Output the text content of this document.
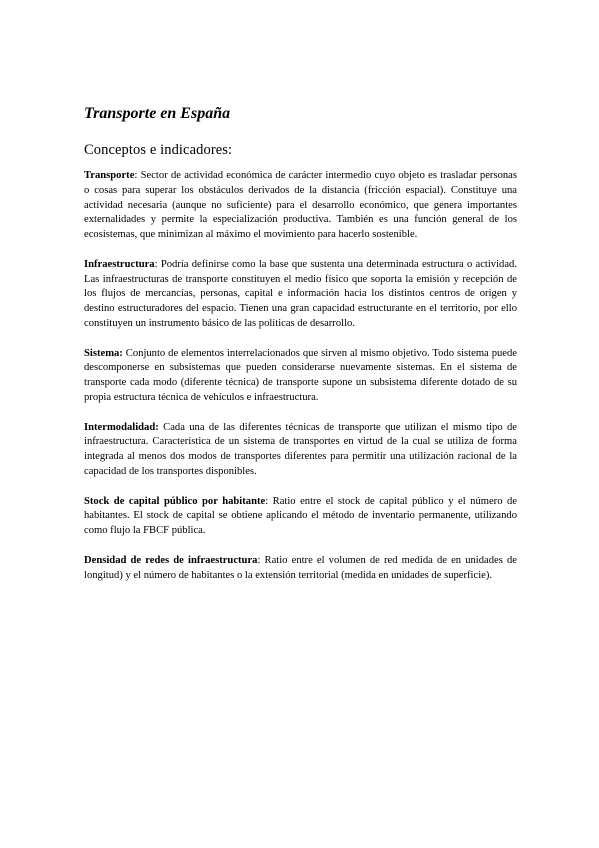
Transporte en España
Conceptos e indicadores:

Transporte: Sector de actividad económica de carácter intermedio cuyo objeto es trasladar personas o cosas para superar los obstáculos derivados de la distancia (fricción espacial). Constituye una actividad necesaria (aunque no suficiente) para el desarrollo económico, que genera importantes externalidades y permite la especialización productiva. También es una función general de los ecosistemas, que minimizan al máximo el movimiento para hacerlo sostenible.

Infraestructura: Podría definirse como la base que sustenta una determinada estructura o actividad. Las infraestructuras de transporte constituyen el medio físico que soporta la emisión y recepción de los flujos de mercancías, personas, capital e información hacia los distintos centros de origen y destino estructuradores del espacio. Tienen una gran capacidad estructurante en el territorio, por ello constituyen un instrumento básico de las políticas de desarrollo.

Sistema: Conjunto de elementos interrelacionados que sirven al mismo objetivo. Todo sistema puede descomponerse en subsistemas que pueden considerarse nuevamente sistemas. En el sistema de transporte cada modo (diferente técnica) de transporte supone un subsistema diferente dotado de su propia estructura técnica de vehículos e infraestructura.

Intermodalidad: Cada una de las diferentes técnicas de transporte que utilizan el mismo tipo de infraestructura. Característica de un sistema de transportes en virtud de la cual se utiliza de forma integrada al menos dos modos de transportes diferentes para permitir una utilización racional de la capacidad de los transportes disponibles.

Stock de capital público por habitante: Ratio entre el stock de capital público y el número de habitantes. El stock de capital se obtiene aplicando el método de inventario permanente, utilizando como flujo la FBCF pública.

Densidad de redes de infraestructura: Ratio entre el volumen de red medida de en unidades de longitud) y el número de habitantes o la extensión territorial (medida en unidades de superficie).
